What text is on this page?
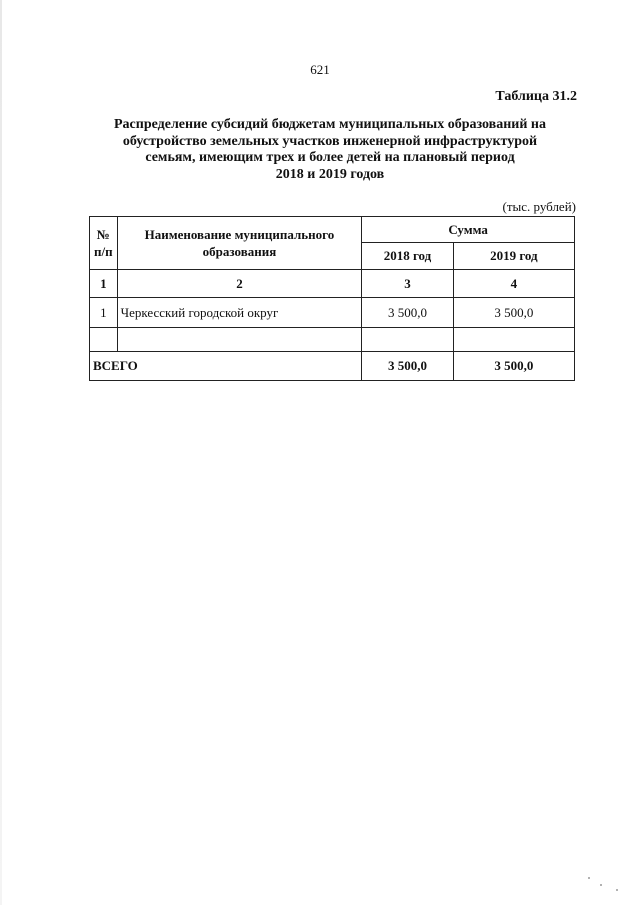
621
Таблица 31.2
Распределение субсидий бюджетам муниципальных образований на
обустройство земельных участков инженерной инфраструктурой
семьям, имеющим трех и более детей на плановый период
2018 и 2019 годов
(тыс. рублей)
№ п/п	Наименование муниципального образования	Сумма	
		2018 год	2019 год
1	2	3	4
1	Черкесский городской округ	3 500,0	3 500,0

ВСЕГО		3 500,0	3 500,0
